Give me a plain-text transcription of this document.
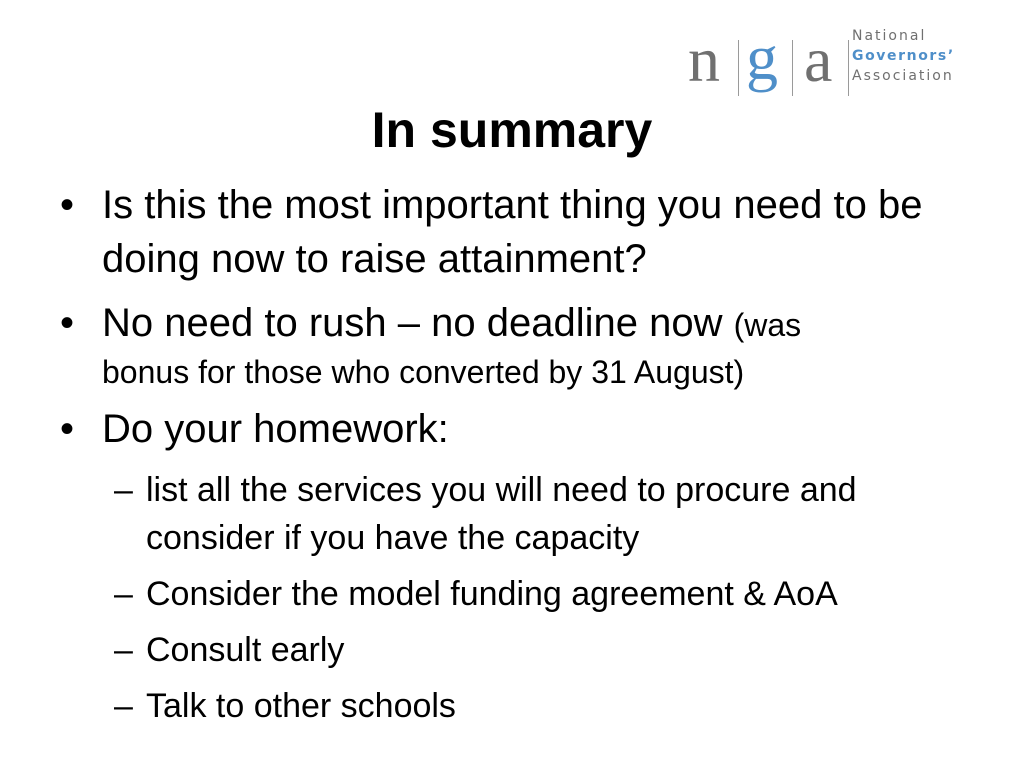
n g a National
Governors’
Association
In summary
• Is this the most important thing you need to be doing now to raise attainment?
• No need to rush – no deadline now (was
bonus for those who converted by 31 August)
• Do your homework:
– list all the services you will need to procure and consider if you have the capacity
– Consider the model funding agreement & AoA
– Consult early
– Talk to other schools
